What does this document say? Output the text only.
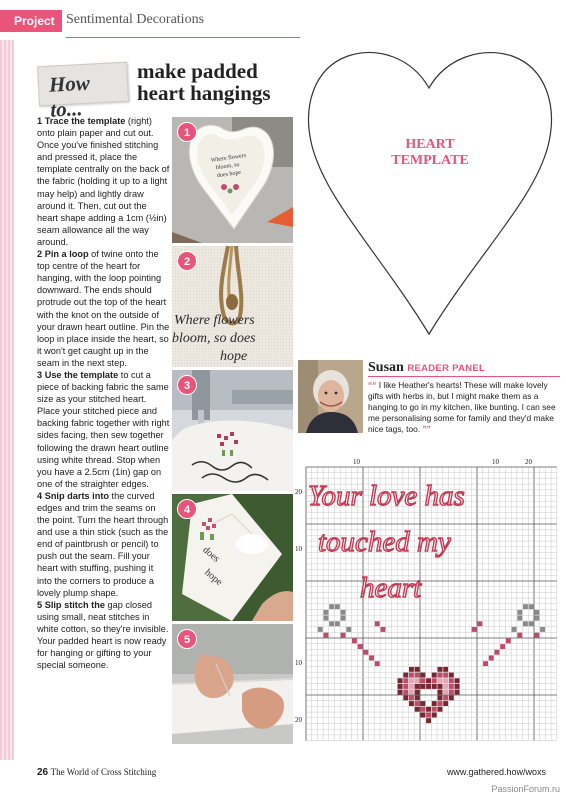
Project Sentimental Decorations
How to...
make padded
heart hangings

1 Trace the template (right) onto plain paper and cut out. Once you've finished stitching and pressed it, place the template centrally on the back of the fabric (holding it up to a light may help) and lightly draw around it. Then, cut out the heart shape adding a 1cm (½in) seam allowance all the way around.

2 Pin a loop of twine onto the top centre of the heart for hanging, with the loop pointing downward. The ends should protrude out the top of the heart with the knot on the outside of your drawn heart outline. Pin the loop in place inside the heart, so it won't get caught up in the seam in the next step.

3 Use the template to cut a piece of backing fabric the same size as your stitched heart. Place your stitched piece and backing fabric together with right sides facing, then sew together following the drawn heart outline using white thread. Stop when you have a 2.5cm (1in) gap on one of the straighter edges.

4 Snip darts into the curved edges and trim the seams on the point. Turn the heart through and use a thin stick (such as the end of paintbrush or pencil) to push out the seam. Fill your heart with stuffing, pushing it into the corners to produce a lovely plump shape.

5 Slip stitch the gap closed using small, neat stitches in white cotton, so they're invisible. Your padded heart is now ready for hanging or gifting to your special someone.

Where flowers
bloom, so
does hope
1
Where flowers
bloom, so does
hope
2
3
does
hope
4
5
HEART
TEMPLATE
Susan READER PANEL
““ I like Heather's hearts! These will make lovely gifts with herbs in, but I might make them as a hanging to go in my kitchen, like bunting. I can see me personalising some for family and they'd make nice tags, too. ””
Your love has
touched my
heart
10	10	20
20
10
10
20
26 The World of Cross Stitching	www.gathered.how/woxs
PassionForum.ru
